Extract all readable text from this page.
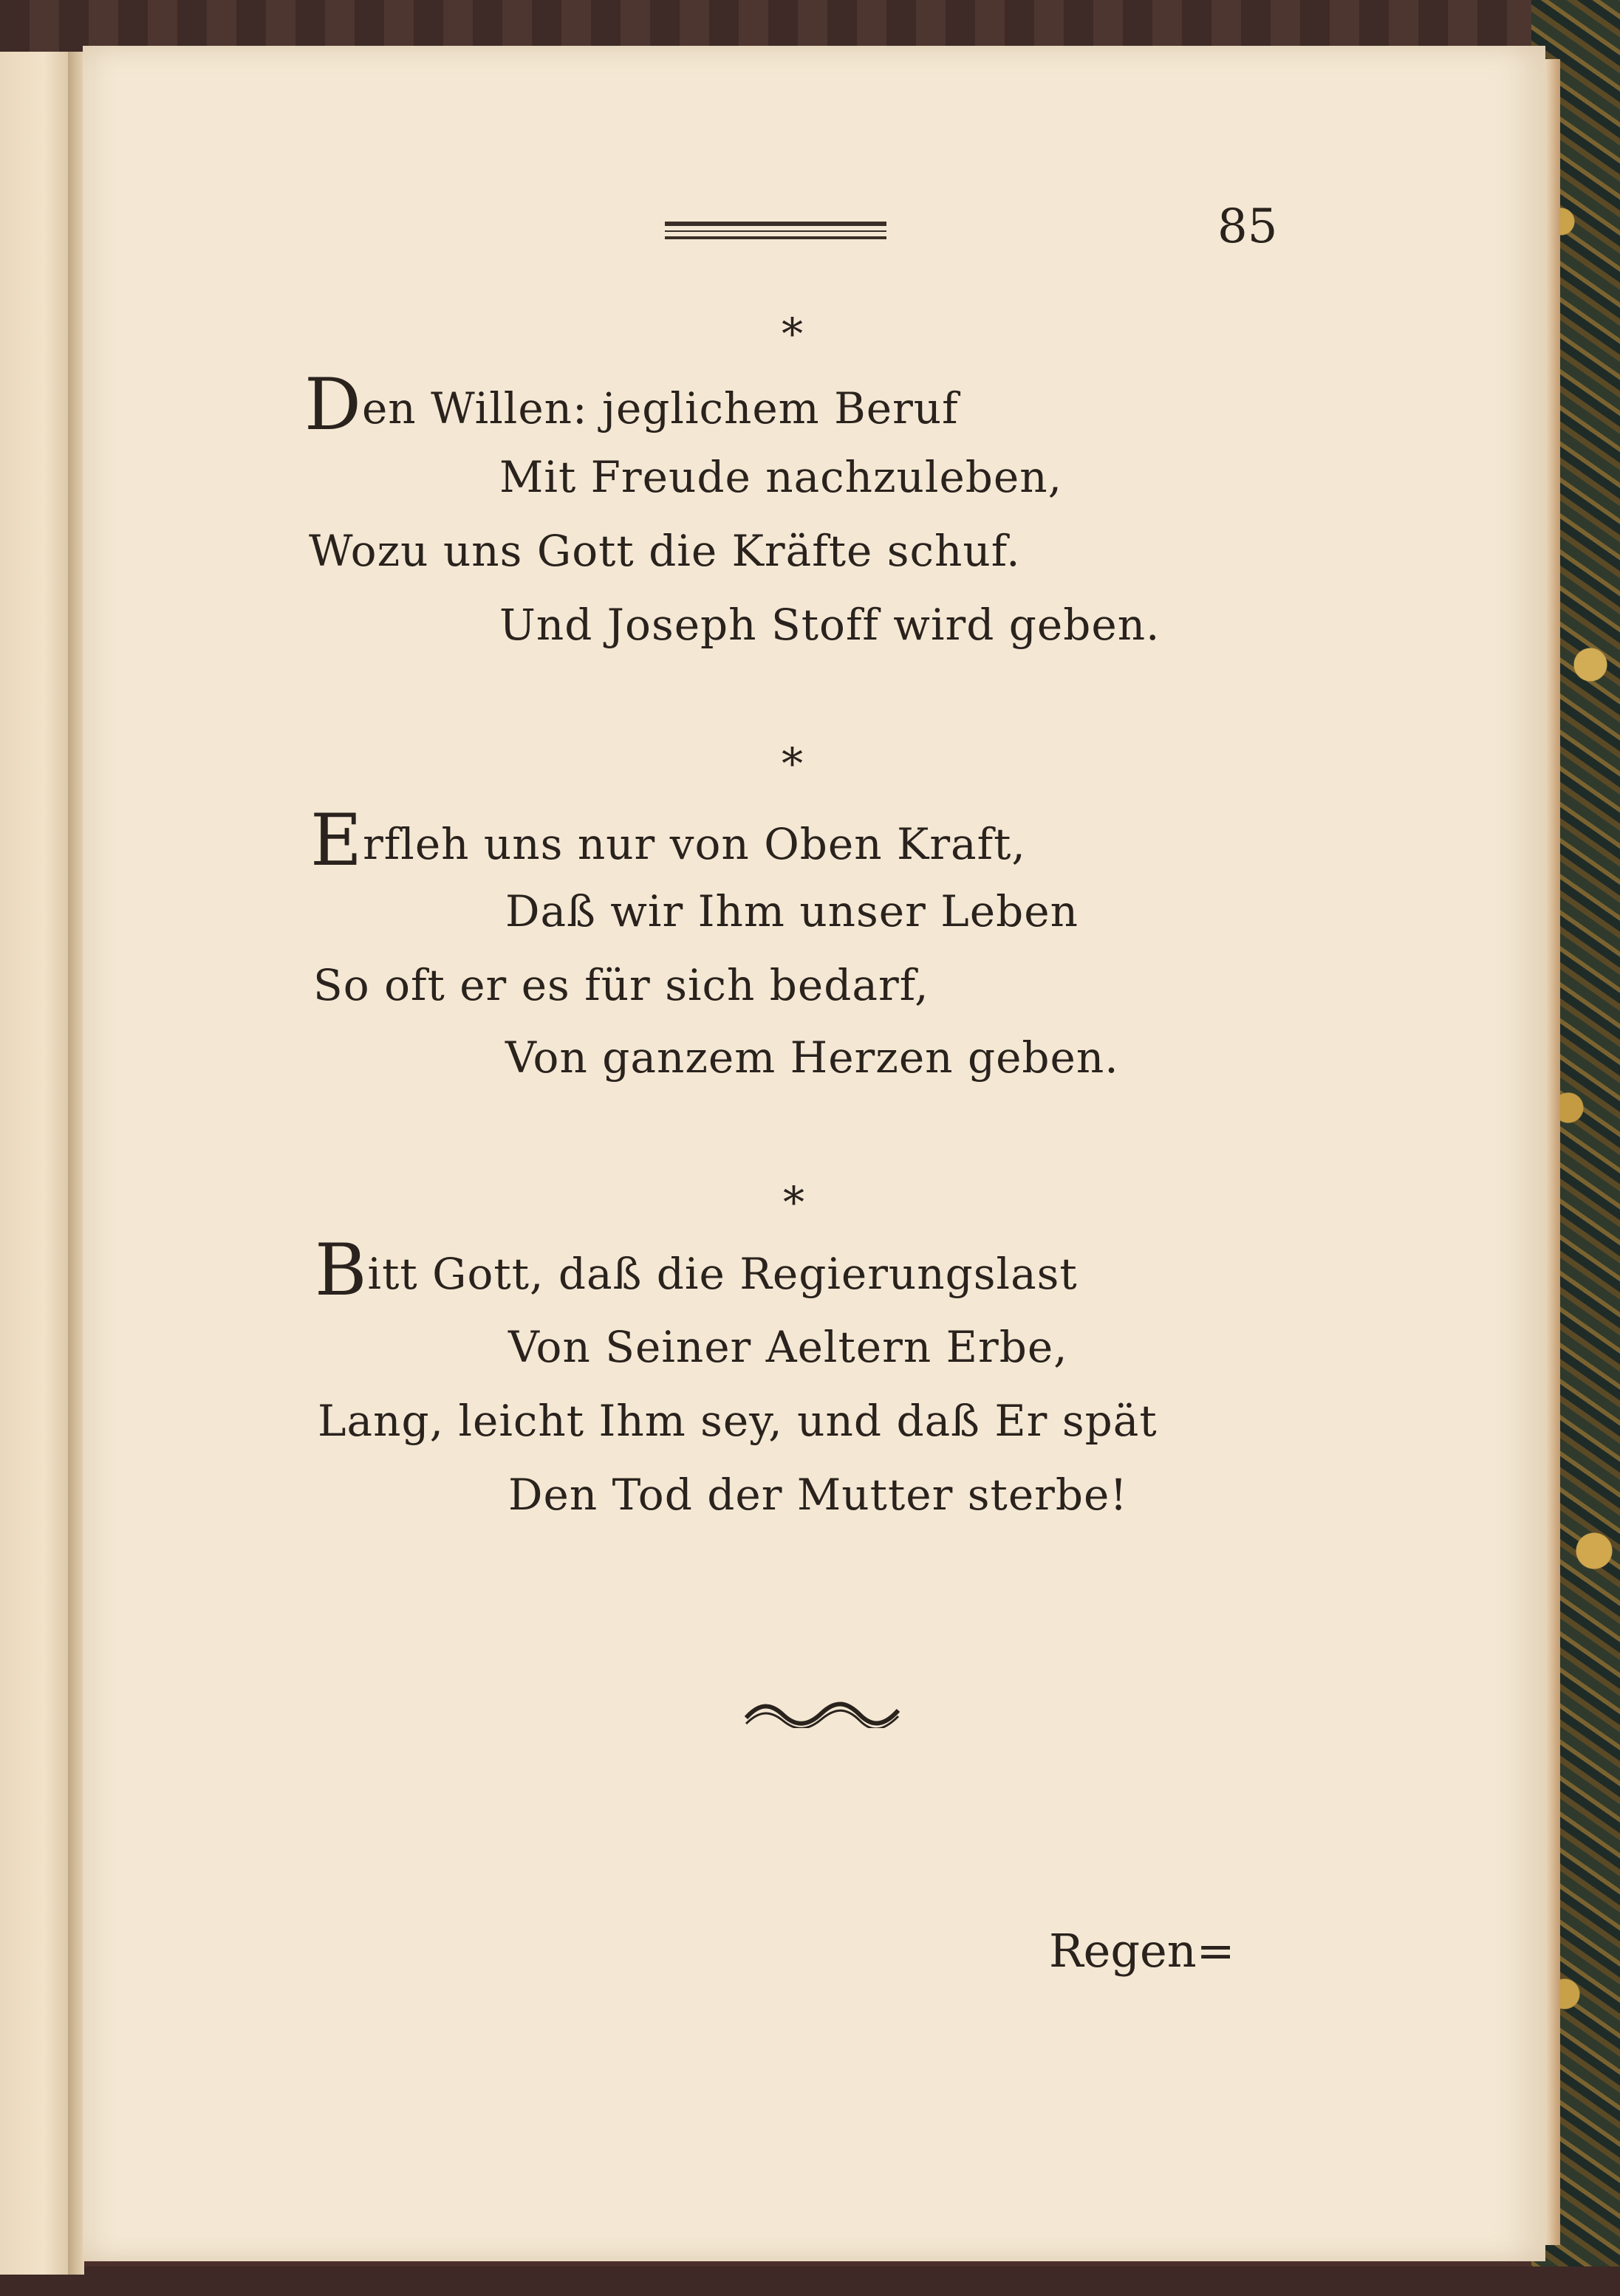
85
*
Den Willen: jeglichem Beruf
Mit Freude nachzuleben,
Wozu uns Gott die Kräfte schuf.
Und Joseph Stoff wird geben.
*
Erfleh uns nur von Oben Kraft,
Daß wir Ihm unser Leben
So oft er es für sich bedarf,
Von ganzem Herzen geben.
*
Bitt Gott, daß die Regierungslast
Von Seiner Aeltern Erbe,
Lang, leicht Ihm sey, und daß Er spät
Den Tod der Mutter sterbe!
Regen=
